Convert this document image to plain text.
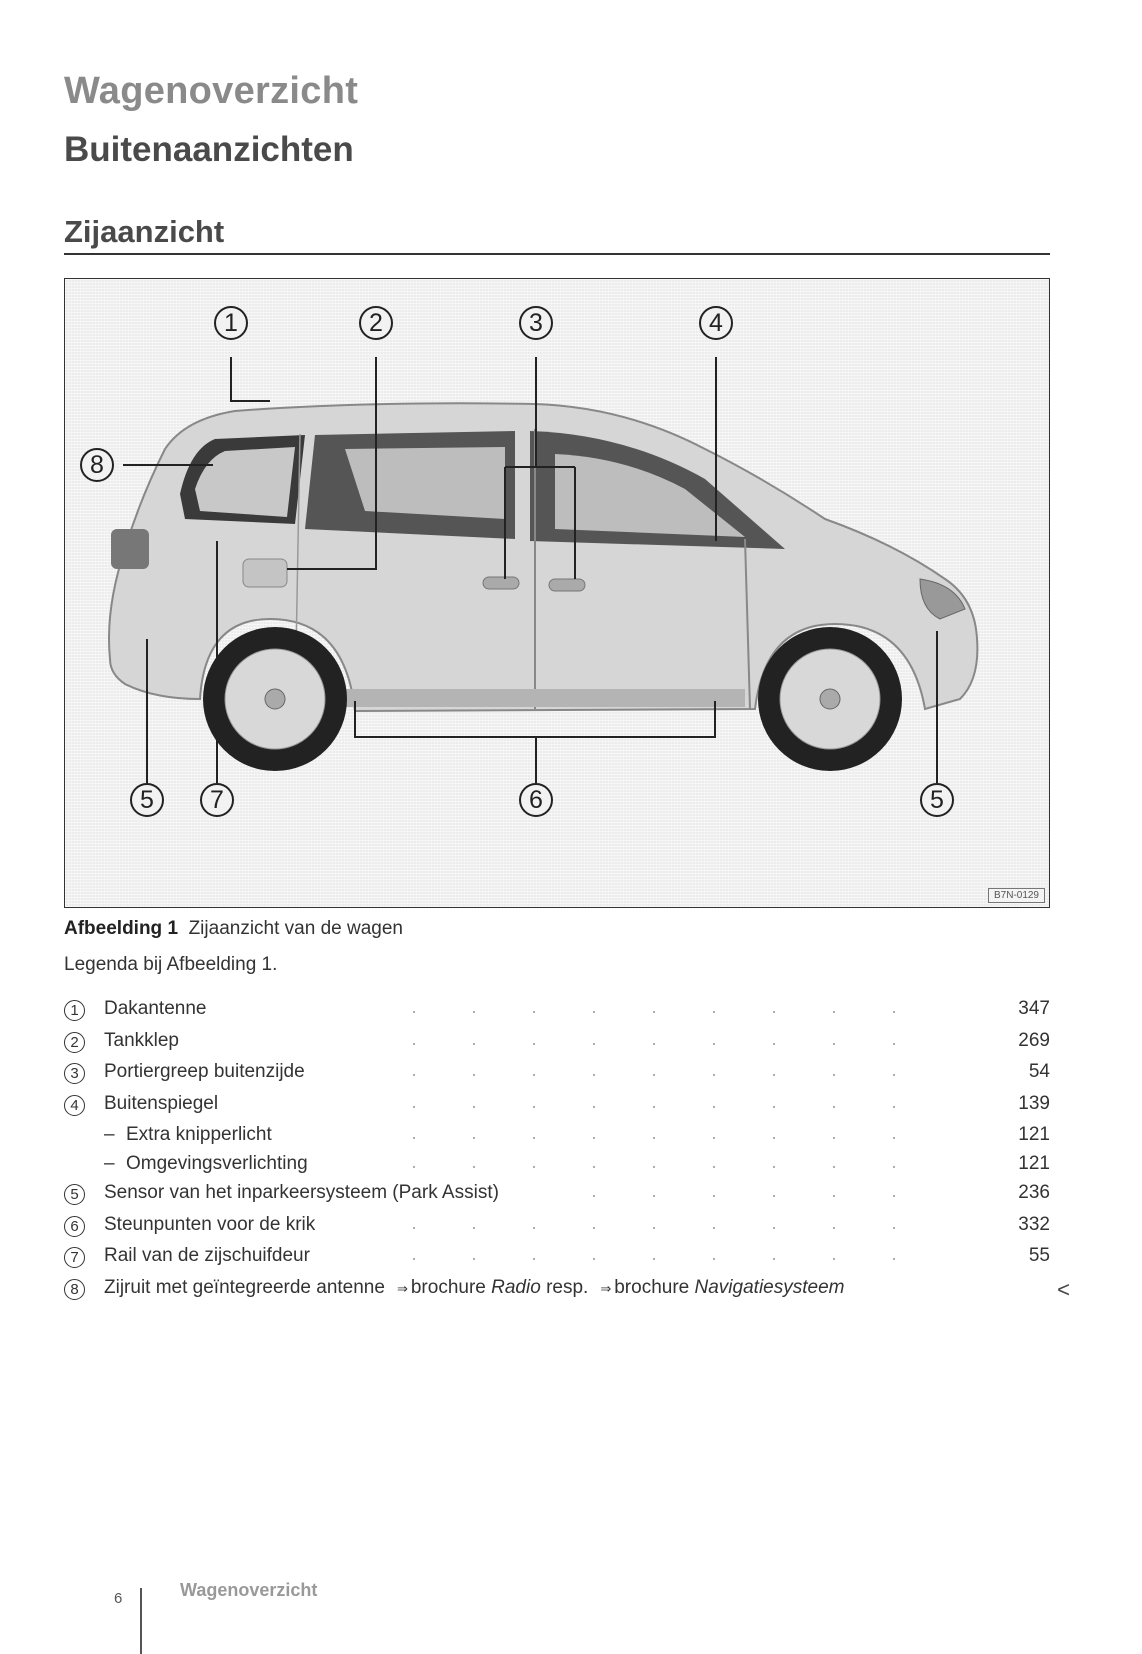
Wagenoverzicht
Buitenaanzichten
Zijaanzicht
1	2	3	4
8
5	7	6	5
B7N-0129
Afbeelding 1 Zijaanzicht van de wagen
Legenda bij Afbeelding 1.
1	Dakantenne	347
2	Tankklep	269
3	Portiergreep buitenzijde	54
4	Buitenspiegel	139
– Extra knipperlicht	121
– Omgevingsverlichting	121
5	Sensor van het inparkeersysteem (Park Assist)	236
6	Steunpunten voor de krik	332
7	Rail van de zijschuifdeur	55
8	Zijruit met geïntegreerde antenne ⇒ brochure Radio resp. ⇒ brochure Navigatiesysteem	<
6	Wagenoverzicht
